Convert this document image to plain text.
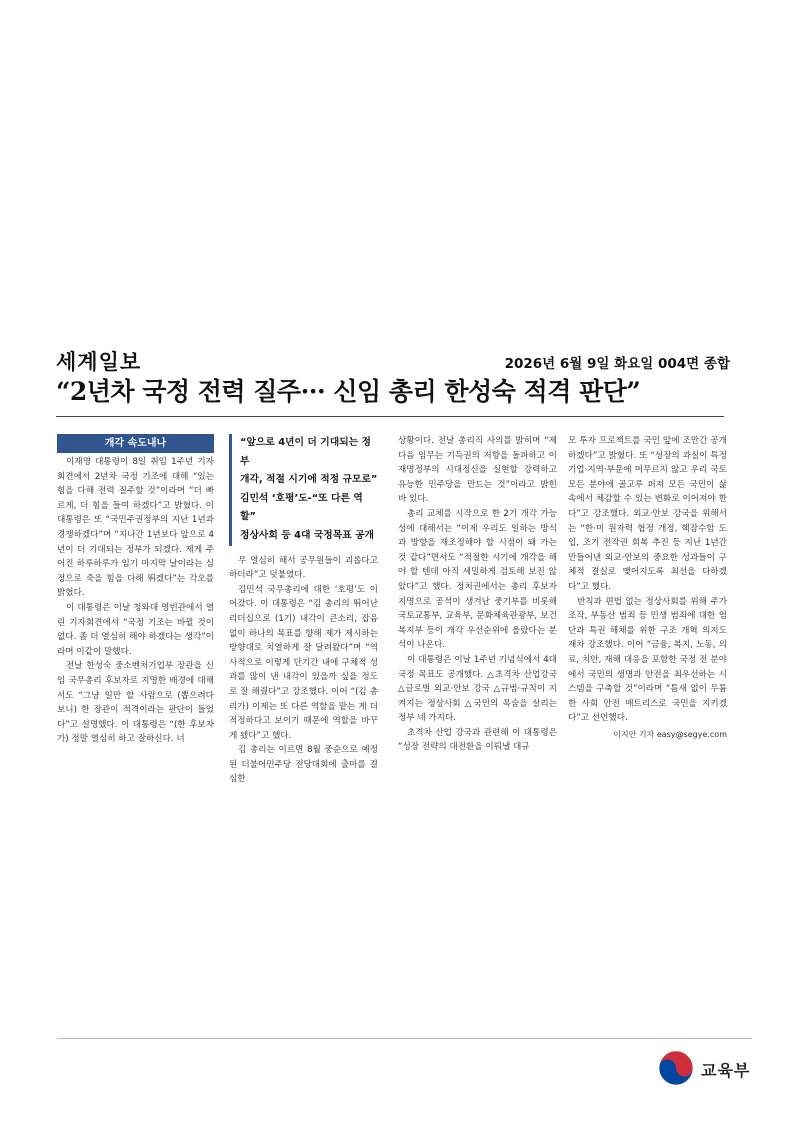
세계일보	2026년 6월 9일 화요일 004면 종합
“2년차 국정 전력 질주··· 신임 총리 한성숙 적격 판단”
개각 속도내나

이재명 대통령이 8일 취임 1주년 기자회견에서 2년차 국정 기조에 대해 “있는 힘을 다해 전력 질주할 것”이라며 “더 빠르게, 더 힘을 들여 하겠다”고 밝혔다. 이 대통령은 또 “국민주권정부의 지난 1년과 경쟁하겠다”며 “지나간 1년보다 앞으로 4년이 더 기대되는 정부가 되겠다. 제게 주어진 하루하루가 임기 마지막 날이라는 심정으로 죽을 힘을 다해 뛰겠다”는 각오를 밝혔다.

이 대통령은 이날 청와대 영빈관에서 열린 기자회견에서 “국정 기조는 바뀔 것이 없다. 좀 더 열심히 해야 하겠다는 생각”이라며 이같이 말했다.

전날 한성숙 중소벤처기업부 장관을 신임 국무총리 후보자로 지명한 배경에 대해서도 “그냥 일만 할 사람으로 (뽑으려다 보니) 한 장관이 적격이라는 판단이 들었다”고 설명했다. 이 대통령은 “(한 후보자가) 정말 열심히 하고 잘하신다. 너

“앞으로 4년이 더 기대되는 정부
개각, 적절 시기에 적정 규모로”
김민석 ‘호평’도-“또 다른 역할”
정상사회 등 4대 국정목표 공개

무 열심히 해서 공무원들이 괴롭다고 하더라”고 덧붙였다.

김민석 국무총리에 대한 ‘호평’도 이어갔다. 이 대통령은 “김 총리의 뛰어난 리더십으로 (1기) 내각이 큰소리, 잡음 없이 하나의 목표를 향해 제가 제시하는 방향대로 치열하게 잘 달려왔다”며 “역사적으로 이렇게 단기간 내에 구체적 성과를 많이 낸 내각이 있을까 싶을 정도로 잘 해줬다”고 강조했다. 이어 “(김 총리가) 이제는 또 다른 역할을 맡는 게 더 적정하다고 보이기 때문에 역할을 바꾸게 됐다”고 했다.

김 총리는 이르면 8월 중순으로 예정된 더불어민주당 전당대회에 출마를 결심한

상황이다. 전날 총리직 사의를 밝히며 “제 다음 임무는 기득권의 저항을 돌파하고 이재명정부의 시대정신을 실현할 강력하고 유능한 민주당을 만드는 것”이라고 밝힌 바 있다.

총리 교체를 시작으로 한 2기 개각 가능성에 대해서는 “이제 우리도 일하는 방식과 방향을 재조정해야 할 시점이 돼 가는 것 같다”면서도 “적절한 시기에 개각을 해야 할 텐데 아직 세밀하게 검토해 보진 않았다”고 했다. 정치권에서는 총리 후보자 지명으로 공석이 생겨난 중기부를 비롯해 국토교통부, 교육부, 문화체육관광부, 보건복지부 등이 개각 우선순위에 올랐다는 분석이 나온다.

이 대통령은 이날 1주년 기념식에서 4대 국정 목표도 공개했다. △초격차 산업강국 △글로벌 외교·안보 강국 △규범·규칙이 지켜지는 정상사회 △국민의 목숨을 살리는 정부 네 가지다.

초격차 산업 강국과 관련해 이 대통령은 “성장 전략의 대전환을 이뤄낼 대규

모 투자 프로젝트를 국민 앞에 조만간 공개하겠다”고 밝혔다. 또 “성장의 과실이 특정 기업·지역·부문에 머무르지 않고 우리 국토 모든 분야에 골고루 퍼져 모든 국민이 삶 속에서 체감할 수 있는 변화로 이어져야 한다”고 강조했다. 외교·안보 강국을 위해서는 “한·미 원자력 협정 개정, 핵잠수함 도입, 조기 전작권 회복 추진 등 지난 1년간 만들어낸 외교·안보의 중요한 성과들이 구체적 결실로 맺어지도록 최선을 다하겠다”고 했다.

반칙과 편법 없는 정상사회를 위해 주가 조작, 부동산 범죄 등 민생 범죄에 대한 엄단과 특권 해체를 위한 구조 개혁 의지도 재차 강조했다. 이어 “금융, 복지, 노동, 의료, 치안, 재해 대응을 포함한 국정 전 분야에서 국민의 생명과 안전을 최우선하는 시스템을 구축할 것”이라며 “틈새 없이 두툼한 사회 안전 매트리스로 국민을 지키겠다”고 선언했다.

이지안 기자 easy@segye.com
교육부
